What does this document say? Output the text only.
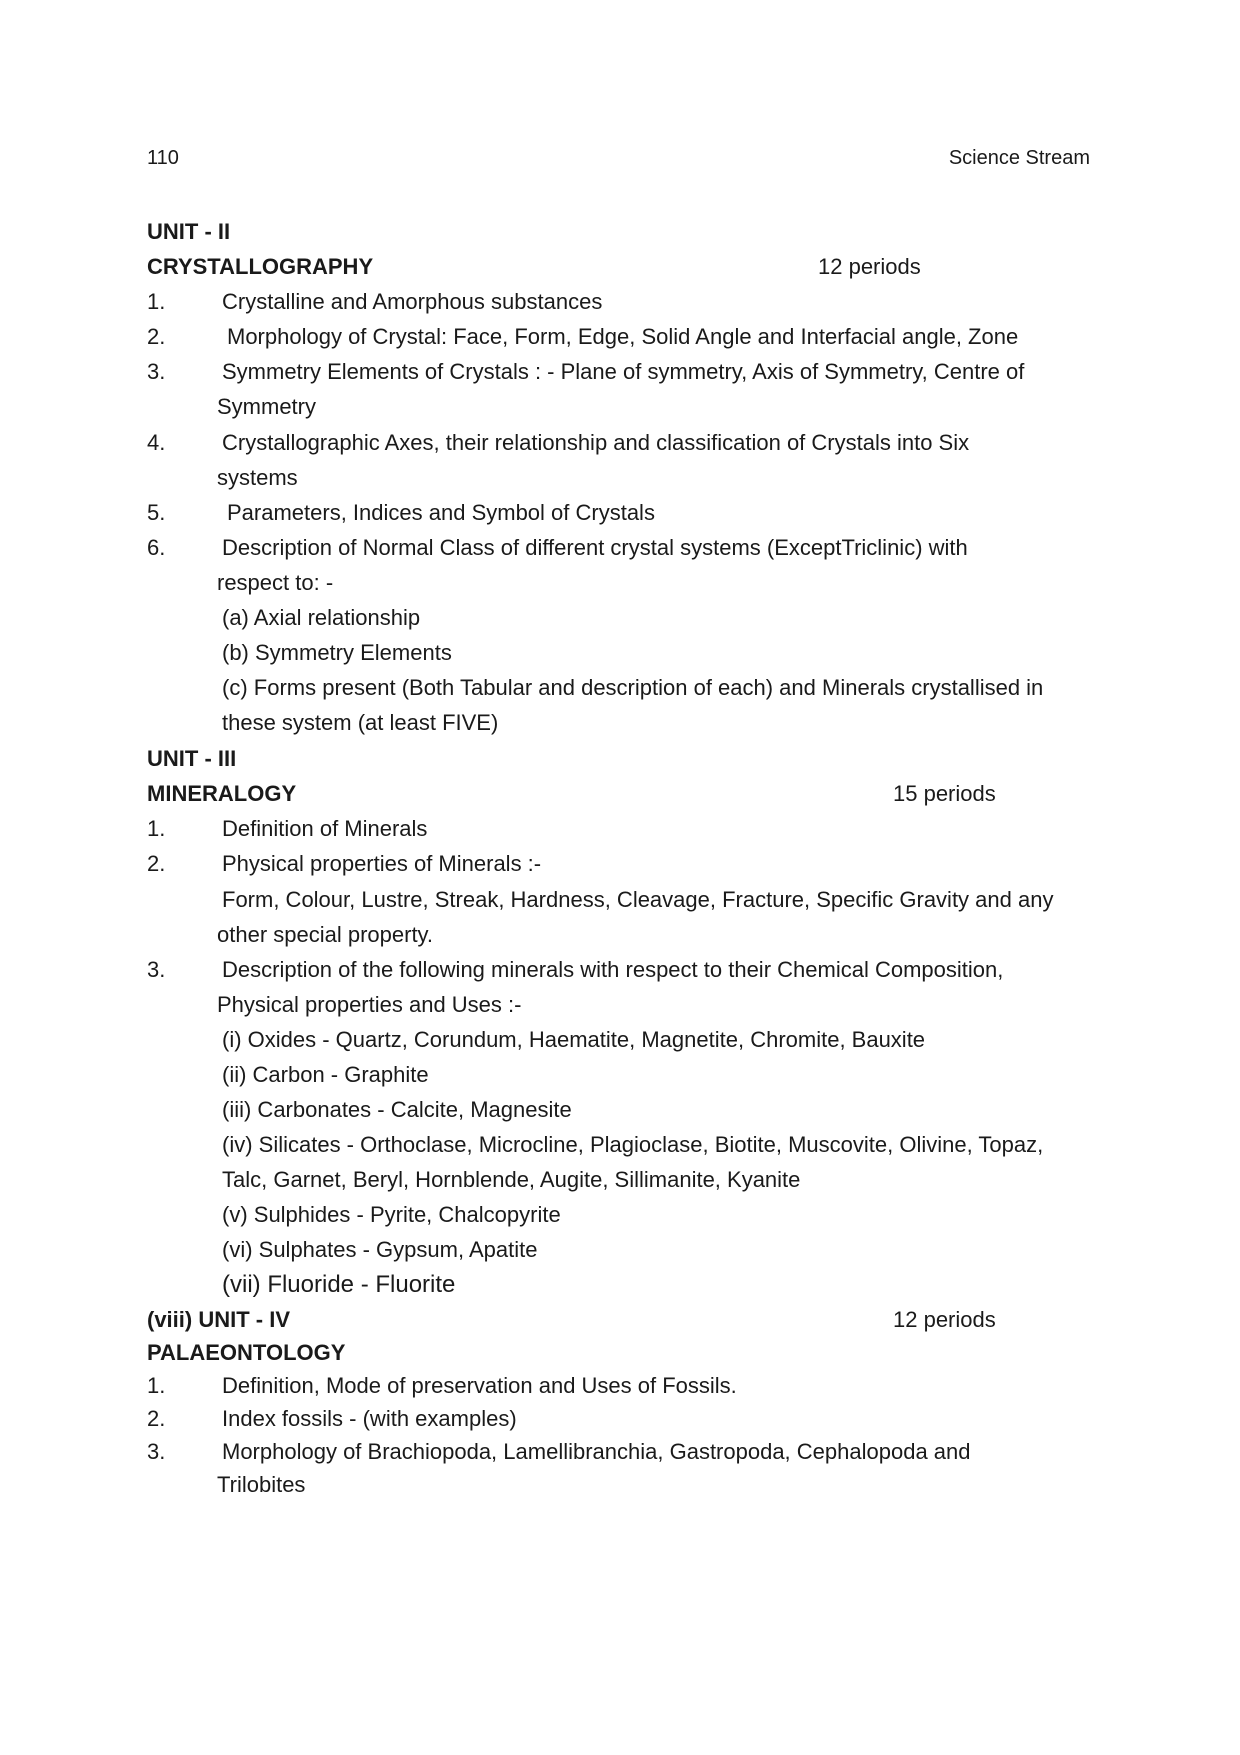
110	Science Stream
UNIT - II
CRYSTALLOGRAPHY	12 periods
1.	Crystalline and Amorphous substances
2.	Morphology of Crystal: Face, Form, Edge, Solid Angle and Interfacial angle, Zone
3.	Symmetry Elements of Crystals : - Plane of symmetry, Axis of Symmetry, Centre of
Symmetry
4.	Crystallographic Axes, their relationship and classification of Crystals into Six
systems
5.	Parameters, Indices and Symbol of Crystals
6.	Description of Normal Class of different crystal systems (ExceptTriclinic) with
respect to: -
(a) Axial relationship
(b) Symmetry Elements
(c) Forms present (Both Tabular and description of each) and Minerals crystallised in
these system (at least FIVE)
UNIT - III
MINERALOGY	15 periods
1.	Definition of Minerals
2.	Physical properties of Minerals :-
Form, Colour, Lustre, Streak, Hardness, Cleavage, Fracture, Specific Gravity and any
other special property.
3.	Description of the following minerals with respect to their Chemical Composition,
Physical properties and Uses :-
(i) Oxides - Quartz, Corundum, Haematite, Magnetite, Chromite, Bauxite
(ii) Carbon - Graphite
(iii) Carbonates - Calcite, Magnesite
(iv) Silicates - Orthoclase, Microcline, Plagioclase, Biotite, Muscovite, Olivine, Topaz,
Talc, Garnet, Beryl, Hornblende, Augite, Sillimanite, Kyanite
(v) Sulphides - Pyrite, Chalcopyrite
(vi) Sulphates - Gypsum, Apatite
(vii) Fluoride - Fluorite
(viii) UNIT - IV	12 periods
PALAEONTOLOGY
1.	Definition, Mode of preservation and Uses of Fossils.
2.	Index fossils - (with examples)
3.	Morphology of Brachiopoda, Lamellibranchia, Gastropoda, Cephalopoda and
Trilobites
